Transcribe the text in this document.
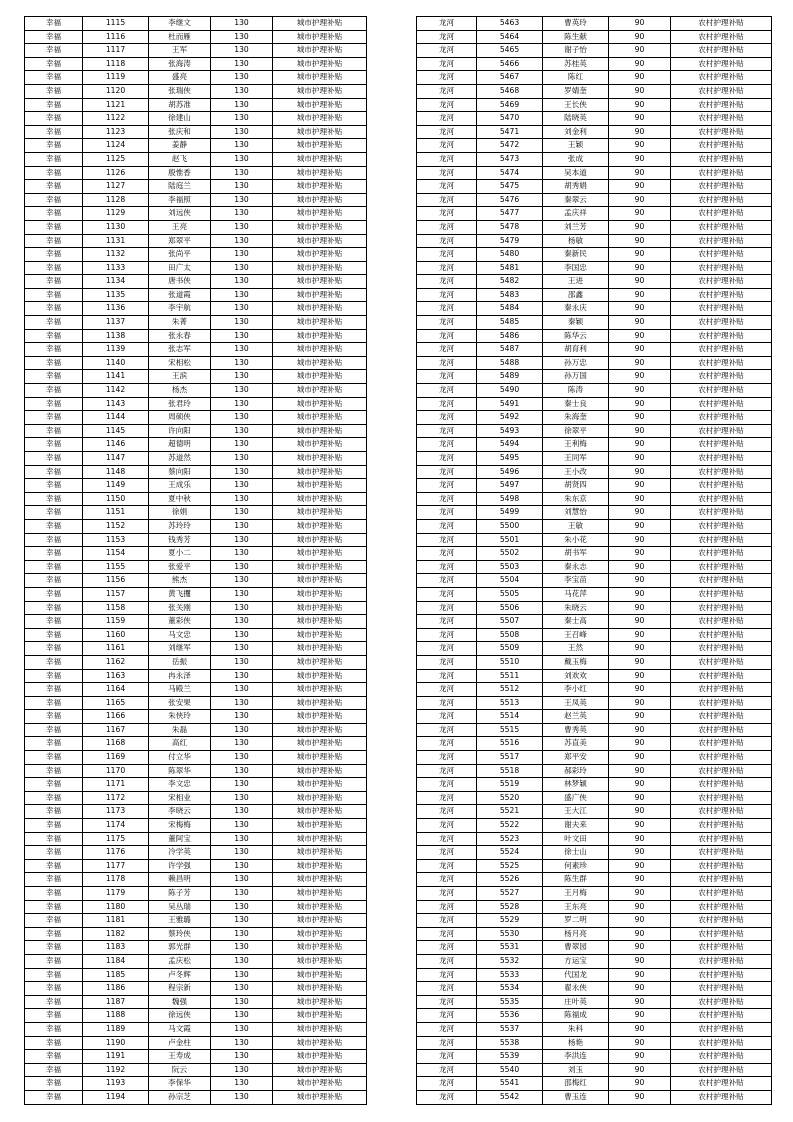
幸福	1115	李继文	130	城市护理补贴
幸福	1116	杜而雁	130	城市护理补贴
幸福	1117	王军	130	城市护理补贴
幸福	1118	张海涛	130	城市护理补贴
幸福	1119	盛亮	130	城市护理补贴
幸福	1120	张瑞侠	130	城市护理补贴
幸福	1121	胡苏准	130	城市护理补贴
幸福	1122	徐建山	130	城市护理补贴
幸福	1123	张庆和	130	城市护理补贴
幸福	1124	姜静	130	城市护理补贴
幸福	1125	赵飞	130	城市护理补贴
幸福	1126	殷惟香	130	城市护理补贴
幸福	1127	陆庭兰	130	城市护理补贴
幸福	1128	李福照	130	城市护理补贴
幸福	1129	刘远侠	130	城市护理补贴
幸福	1130	王亮	130	城市护理补贴
幸福	1131	郑翠平	130	城市护理补贴
幸福	1132	张尚平	130	城市护理补贴
幸福	1133	田广太	130	城市护理补贴
幸福	1134	唐书侠	130	城市护理补贴
幸福	1135	张道霞	130	城市护理补贴
幸福	1136	李宇航	130	城市护理补贴
幸福	1137	朱菁	130	城市护理补贴
幸福	1138	张永春	130	城市护理补贴
幸福	1139	张志军	130	城市护理补贴
幸福	1140	宋相松	130	城市护理补贴
幸福	1141	王滨	130	城市护理补贴
幸福	1142	杨杰	130	城市护理补贴
幸福	1143	张君玲	130	城市护理补贴
幸福	1144	周硕侠	130	城市护理补贴
幸福	1145	许向阳	130	城市护理补贴
幸福	1146	超德明	130	城市护理补贴
幸福	1147	苏道然	130	城市护理补贴
幸福	1148	蔡向阳	130	城市护理补贴
幸福	1149	王成乐	130	城市护理补贴
幸福	1150	夏中秋	130	城市护理补贴
幸福	1151	徐娟	130	城市护理补贴
幸福	1152	苏玲玲	130	城市护理补贴
幸福	1153	钱秀芳	130	城市护理补贴
幸福	1154	夏小二	130	城市护理补贴
幸福	1155	张爱平	130	城市护理补贴
幸福	1156	熊杰	130	城市护理补贴
幸福	1157	黄飞攫	130	城市护理补贴
幸福	1158	张关刚	130	城市护理补贴
幸福	1159	董彩侠	130	城市护理补贴
幸福	1160	马文忠	130	城市护理补贴
幸福	1161	刘继军	130	城市护理补贴
幸福	1162	岳振	130	城市护理补贴
幸福	1163	冉永泽	130	城市护理补贴
幸福	1164	马殿兰	130	城市护理补贴
幸福	1165	张安果	130	城市护理补贴
幸福	1166	朱侠玲	130	城市护理补贴
幸福	1167	朱磊	130	城市护理补贴
幸福	1168	高红	130	城市护理补贴
幸福	1169	付立华	130	城市护理补贴
幸福	1170	陈翠华	130	城市护理补贴
幸福	1171	李文忠	130	城市护理补贴
幸福	1172	宋相业	130	城市护理补贴
幸福	1173	李晓云	130	城市护理补贴
幸福	1174	宋梅梅	130	城市护理补贴
幸福	1175	董阿宝	130	城市护理补贴
幸福	1176	冷学英	130	城市护理补贴
幸福	1177	许学强	130	城市护理补贴
幸福	1178	赖昌明	130	城市护理补贴
幸福	1179	陈子芳	130	城市护理补贴
幸福	1180	吴丛瑞	130	城市护理补贴
幸福	1181	王雅璐	130	城市护理补贴
幸福	1182	蔡玲侠	130	城市护理补贴
幸福	1183	郭光群	130	城市护理补贴
幸福	1184	孟庆松	130	城市护理补贴
幸福	1185	卢冬辉	130	城市护理补贴
幸福	1186	程宗新	130	城市护理补贴
幸福	1187	魏强	130	城市护理补贴
幸福	1188	徐远侠	130	城市护理补贴
幸福	1189	马文霞	130	城市护理补贴
幸福	1190	卢金柱	130	城市护理补贴
幸福	1191	王寿成	130	城市护理补贴
幸福	1192	阮云	130	城市护理补贴
幸福	1193	李保华	130	城市护理补贴
幸福	1194	孙宗芝	130	城市护理补贴
龙河	5463	曹英玲	90	农村护理补贴
龙河	5464	陈生献	90	农村护理补贴
龙河	5465	谢子怡	90	农村护理补贴
龙河	5466	苏桂英	90	农村护理补贴
龙河	5467	陈红	90	农村护理补贴
龙河	5468	罗婧奎	90	农村护理补贴
龙河	5469	王长侠	90	农村护理补贴
龙河	5470	陆晓英	90	农村护理补贴
龙河	5471	刘金利	90	农村护理补贴
龙河	5472	王颖	90	农村护理补贴
龙河	5473	张成	90	农村护理补贴
龙河	5474	吴本道	90	农村护理补贴
龙河	5475	胡秀娟	90	农村护理补贴
龙河	5476	秦翠云	90	农村护理补贴
龙河	5477	孟庆祥	90	农村护理补贴
龙河	5478	刘兰芳	90	农村护理补贴
龙河	5479	杨敏	90	农村护理补贴
龙河	5480	秦新民	90	农村护理补贴
龙河	5481	李国忠	90	农村护理补贴
龙河	5482	王进	90	农村护理补贴
龙河	5483	邵鑫	90	农村护理补贴
龙河	5484	秦永庆	90	农村护理补贴
龙河	5485	秦颖	90	农村护理补贴
龙河	5486	陈华云	90	农村护理补贴
龙河	5487	胡育利	90	农村护理补贴
龙河	5488	孙万忠	90	农村护理补贴
龙河	5489	孙万国	90	农村护理补贴
龙河	5490	陈涛	90	农村护理补贴
龙河	5491	秦士良	90	农村护理补贴
龙河	5492	朱海奎	90	农村护理补贴
龙河	5493	徐翠平	90	农村护理补贴
龙河	5494	王利梅	90	农村护理补贴
龙河	5495	王同军	90	农村护理补贴
龙河	5496	王小改	90	农村护理补贴
龙河	5497	胡贤四	90	农村护理补贴
龙河	5498	朱东京	90	农村护理补贴
龙河	5499	刘慧怡	90	农村护理补贴
龙河	5500	王敏	90	农村护理补贴
龙河	5501	朱小花	90	农村护理补贴
龙河	5502	胡书军	90	农村护理补贴
龙河	5503	秦永志	90	农村护理补贴
龙河	5504	李宝苗	90	农村护理补贴
龙河	5505	马花萍	90	农村护理补贴
龙河	5506	朱晓云	90	农村护理补贴
龙河	5507	秦士高	90	农村护理补贴
龙河	5508	王召峰	90	农村护理补贴
龙河	5509	王然	90	农村护理补贴
龙河	5510	戴玉梅	90	农村护理补贴
龙河	5511	刘欢欢	90	农村护理补贴
龙河	5512	李小红	90	农村护理补贴
龙河	5513	王凤英	90	农村护理补贴
龙河	5514	赵兰英	90	农村护理补贴
龙河	5515	曹秀英	90	农村护理补贴
龙河	5516	苏直美	90	农村护理补贴
龙河	5517	郑平安	90	农村护理补贴
龙河	5518	郝彩玲	90	农村护理补贴
龙河	5519	林梦颖	90	农村护理补贴
龙河	5520	盛广侠	90	农村护理补贴
龙河	5521	王大江	90	农村护理补贴
龙河	5522	谢夫来	90	农村护理补贴
龙河	5523	叶文田	90	农村护理补贴
龙河	5524	徐士山	90	农村护理补贴
龙河	5525	何素珍	90	农村护理补贴
龙河	5526	陈生群	90	农村护理补贴
龙河	5527	王月梅	90	农村护理补贴
龙河	5528	王东亮	90	农村护理补贴
龙河	5529	罗二明	90	农村护理补贴
龙河	5530	杨月亮	90	农村护理补贴
龙河	5531	曹翠园	90	农村护理补贴
龙河	5532	方运宝	90	农村护理补贴
龙河	5533	代国龙	90	农村护理补贴
龙河	5534	翟永侠	90	农村护理补贴
龙河	5535	庄叶英	90	农村护理补贴
龙河	5536	陈福成	90	农村护理补贴
龙河	5537	朱科	90	农村护理补贴
龙河	5538	杨艳	90	农村护理补贴
龙河	5539	李洪连	90	农村护理补贴
龙河	5540	刘玉	90	农村护理补贴
龙河	5541	邵梅红	90	农村护理补贴
龙河	5542	曹玉连	90	农村护理补贴
